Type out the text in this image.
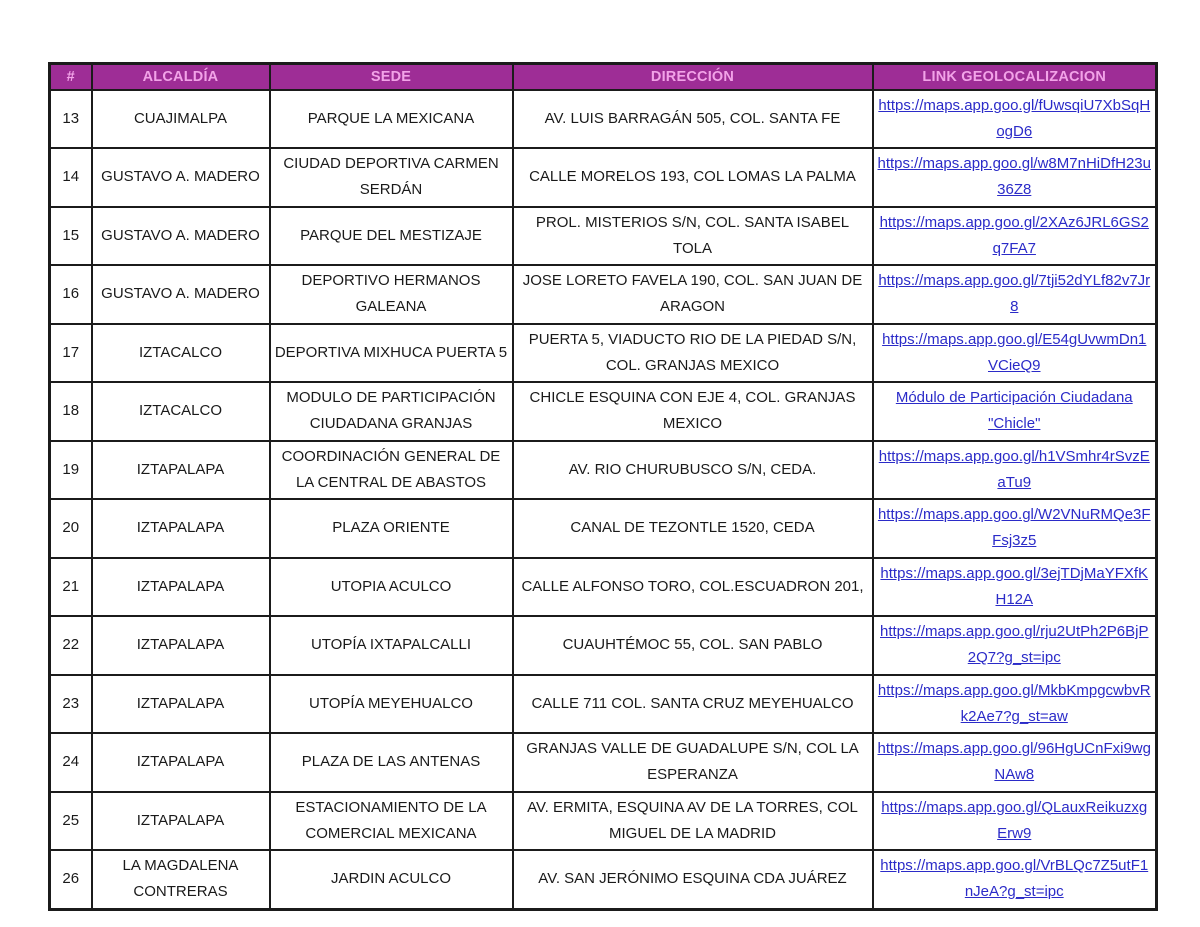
#	ALCALDÍA	SEDE	DIRECCIÓN	LINK GEOLOCALIZACION
13	CUAJIMALPA	PARQUE LA MEXICANA	AV. LUIS BARRAGÁN 505, COL. SANTA FE	https://maps.app.goo.gl/fUwsqiU7XbSqHogD6
14	GUSTAVO A. MADERO	CIUDAD DEPORTIVA CARMEN SERDÁN	CALLE MORELOS 193, COL LOMAS LA PALMA	https://maps.app.goo.gl/w8M7nHiDfH23u36Z8
15	GUSTAVO A. MADERO	PARQUE DEL MESTIZAJE	PROL. MISTERIOS S/N, COL. SANTA ISABEL TOLA	https://maps.app.goo.gl/2XAz6JRL6GS2q7FA7
16	GUSTAVO A. MADERO	DEPORTIVO HERMANOS GALEANA	JOSE LORETO FAVELA 190, COL. SAN JUAN DE ARAGON	https://maps.app.goo.gl/7tji52dYLf82v7Jr8
17	IZTACALCO	DEPORTIVA MIXHUCA PUERTA 5	PUERTA 5, VIADUCTO RIO DE LA PIEDAD S/N, COL. GRANJAS MEXICO	https://maps.app.goo.gl/E54gUvwmDn1VCieQ9
18	IZTACALCO	MODULO DE PARTICIPACIÓN CIUDADANA GRANJAS	CHICLE ESQUINA CON EJE 4, COL. GRANJAS MEXICO	Módulo de Participación Ciudadana "Chicle"
19	IZTAPALAPA	COORDINACIÓN GENERAL DE LA CENTRAL DE ABASTOS	AV. RIO CHURUBUSCO S/N, CEDA.	https://maps.app.goo.gl/h1VSmhr4rSvzEaTu9
20	IZTAPALAPA	PLAZA ORIENTE	CANAL DE TEZONTLE 1520, CEDA	https://maps.app.goo.gl/W2VNuRMQe3FFsj3z5
21	IZTAPALAPA	UTOPIA ACULCO	CALLE ALFONSO TORO, COL.ESCUADRON 201,	https://maps.app.goo.gl/3ejTDjMaYFXfKH12A
22	IZTAPALAPA	UTOPÍA IXTAPALCALLI	CUAUHTÉMOC 55, COL. SAN PABLO	https://maps.app.goo.gl/rju2UtPh2P6BjP2Q7?g_st=ipc
23	IZTAPALAPA	UTOPÍA MEYEHUALCO	CALLE 711 COL. SANTA CRUZ MEYEHUALCO	https://maps.app.goo.gl/MkbKmpgcwbvRk2Ae7?g_st=aw
24	IZTAPALAPA	PLAZA DE LAS ANTENAS	GRANJAS VALLE DE GUADALUPE S/N, COL LA ESPERANZA	https://maps.app.goo.gl/96HgUCnFxi9wgNAw8
25	IZTAPALAPA	ESTACIONAMIENTO DE LA COMERCIAL MEXICANA	AV. ERMITA, ESQUINA AV DE LA TORRES, COL MIGUEL DE LA MADRID	https://maps.app.goo.gl/QLauxReikuzxgErw9
26	LA MAGDALENA CONTRERAS	JARDIN ACULCO	AV. SAN JERÓNIMO ESQUINA CDA JUÁREZ	https://maps.app.goo.gl/VrBLQc7Z5utF1nJeA?g_st=ipc
